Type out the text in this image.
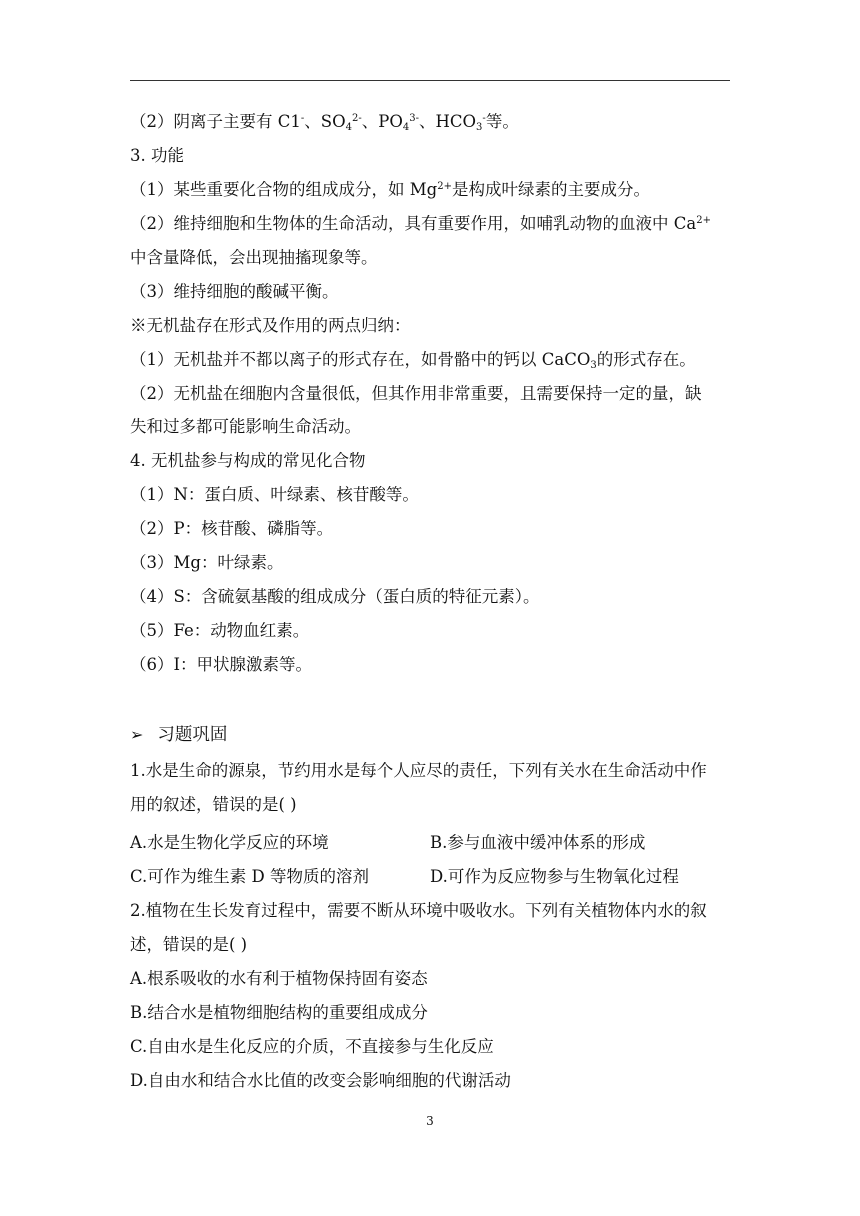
（2）阴离子主要有 C1-、$SO_4^{2-}$、$PO_4^{3-}$、$HCO_3^-$等。
3. 功能
（1）某些重要化合物的组成成分，如 $Mg^{2+}$是构成叶绿素的主要成分。
（2）维持细胞和生物体的生命活动，具有重要作用，如哺乳动物的血液中 $Ca^{2+}$
中含量降低，会出现抽搐现象等。
（3）维持细胞的酸碱平衡。
※无机盐存在形式及作用的两点归纳：
（1）无机盐并不都以离子的形式存在，如骨骼中的钙以 CaCO$_3$的形式存在。
（2）无机盐在细胞内含量很低，但其作用非常重要，且需要保持一定的量，缺
失和过多都可能影响生命活动。
4. 无机盐参与构成的常见化合物
（1）N：蛋白质、叶绿素、核苷酸等。
（2）P：核苷酸、磷脂等。
（3）Mg：叶绿素。
（4）S：含硫氨基酸的组成成分（蛋白质的特征元素）。
（5）Fe：动物血红素。
（6）I：甲状腺激素等。
➢ 习题巩固
1.水是生命的源泉，节约用水是每个人应尽的责任，下列有关水在生命活动中作
用的叙述，错误的是( )
A.水是生物化学反应的环境	B.参与血液中缓冲体系的形成
C.可作为维生素 D 等物质的溶剂	D.可作为反应物参与生物氧化过程
2.植物在生长发育过程中，需要不断从环境中吸收水。下列有关植物体内水的叙
述，错误的是( )
A.根系吸收的水有利于植物保持固有姿态
B.结合水是植物细胞结构的重要组成成分
C.自由水是生化反应的介质，不直接参与生化反应
D.自由水和结合水比值的改变会影响细胞的代谢活动
3
